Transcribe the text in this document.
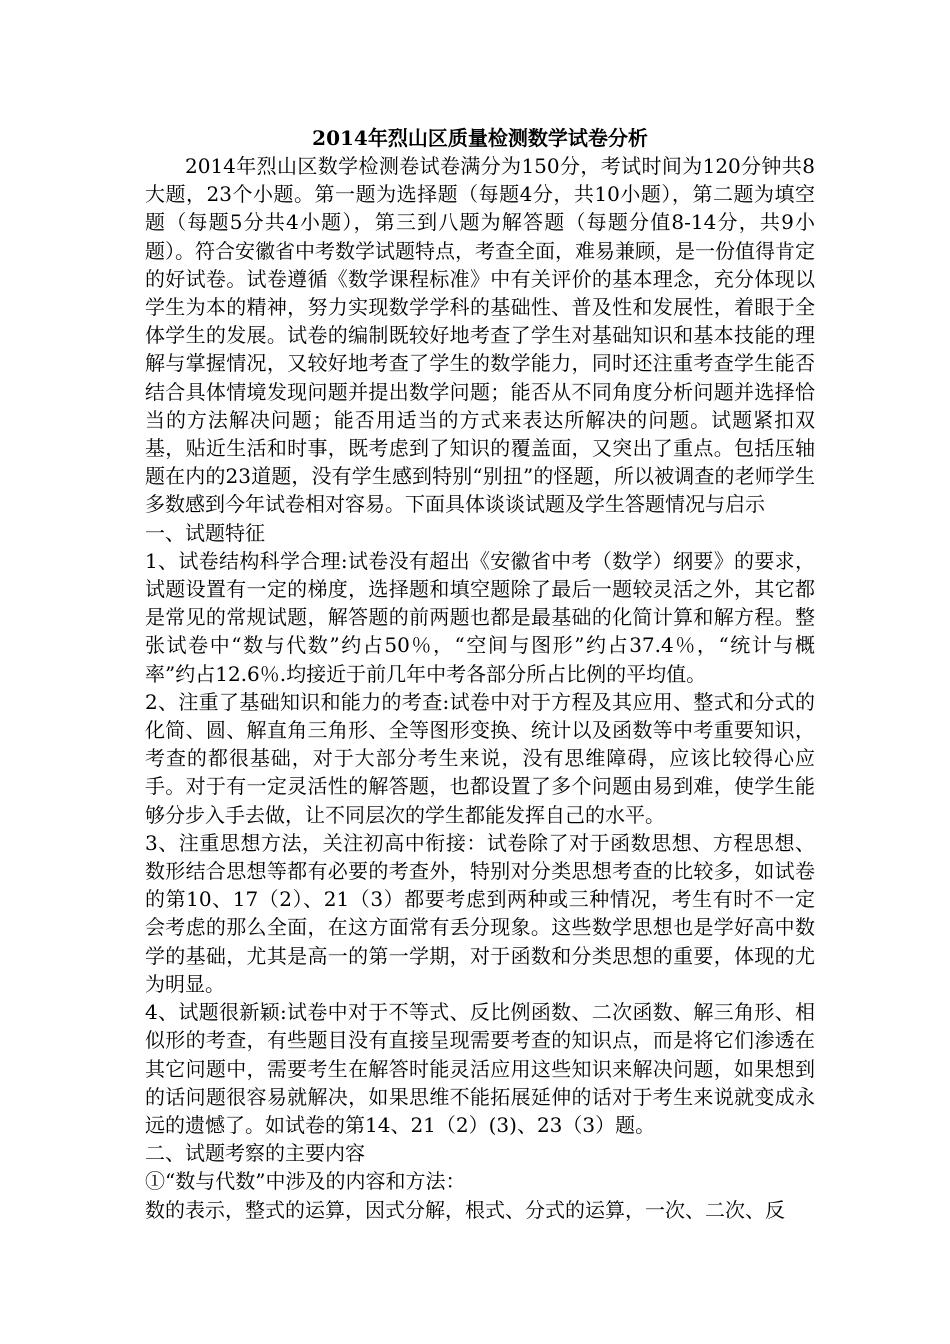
2014年烈山区质量检测数学试卷分析

2014年烈山区数学检测卷试卷满分为150分，考试时间为120分钟共8大题，23个小题。第一题为选择题（每题4分，共10小题），第二题为填空题（每题5分共4小题），第三到八题为解答题（每题分值8-14分，共9小题）。符合安徽省中考数学试题特点，考查全面，难易兼顾，是一份值得肯定的好试卷。试卷遵循《数学课程标准》中有关评价的基本理念，充分体现以学生为本的精神，努力实现数学学科的基础性、普及性和发展性，着眼于全体学生的发展。试卷的编制既较好地考查了学生对基础知识和基本技能的理解与掌握情况，又较好地考查了学生的数学能力，同时还注重考查学生能否结合具体情境发现问题并提出数学问题；能否从不同角度分析问题并选择恰当的方法解决问题；能否用适当的方式来表达所解决的问题。试题紧扣双基，贴近生活和时事，既考虑到了知识的覆盖面，又突出了重点。包括压轴题在内的23道题，没有学生感到特别“别扭”的怪题，所以被调查的老师学生多数感到今年试卷相对容易。下面具体谈谈试题及学生答题情况与启示

一、试题特征

1、试卷结构科学合理:试卷没有超出《安徽省中考（数学）纲要》的要求，试题设置有一定的梯度，选择题和填空题除了最后一题较灵活之外，其它都是常见的常规试题，解答题的前两题也都是最基础的化简计算和解方程。整张试卷中“数与代数”约占50％，“空间与图形”约占37.4％，“统计与概率”约占12.6％.均接近于前几年中考各部分所占比例的平均值。

2、注重了基础知识和能力的考查:试卷中对于方程及其应用、整式和分式的化简、圆、解直角三角形、全等图形变换、统计以及函数等中考重要知识，考查的都很基础，对于大部分考生来说，没有思维障碍，应该比较得心应手。对于有一定灵活性的解答题，也都设置了多个问题由易到难，使学生能够分步入手去做，让不同层次的学生都能发挥自己的水平。

3、注重思想方法，关注初高中衔接：试卷除了对于函数思想、方程思想、数形结合思想等都有必要的考查外，特别对分类思想考查的比较多，如试卷的第10、17（2）、21（3）都要考虑到两种或三种情况，考生有时不一定会考虑的那么全面，在这方面常有丢分现象。这些数学思想也是学好高中数学的基础，尤其是高一的第一学期，对于函数和分类思想的重要，体现的尤为明显。

4、试题很新颖:试卷中对于不等式、反比例函数、二次函数、解三角形、相似形的考查，有些题目没有直接呈现需要考查的知识点，而是将它们渗透在其它问题中，需要考生在解答时能灵活应用这些知识来解决问题，如果想到的话问题很容易就解决，如果思维不能拓展延伸的话对于考生来说就变成永远的遗憾了。如试卷的第14、21（2）(3)、23（3）题。

二、试题考察的主要内容

①“数与代数”中涉及的内容和方法：

数的表示，整式的运算，因式分解，根式、分式的运算，一次、二次、反
